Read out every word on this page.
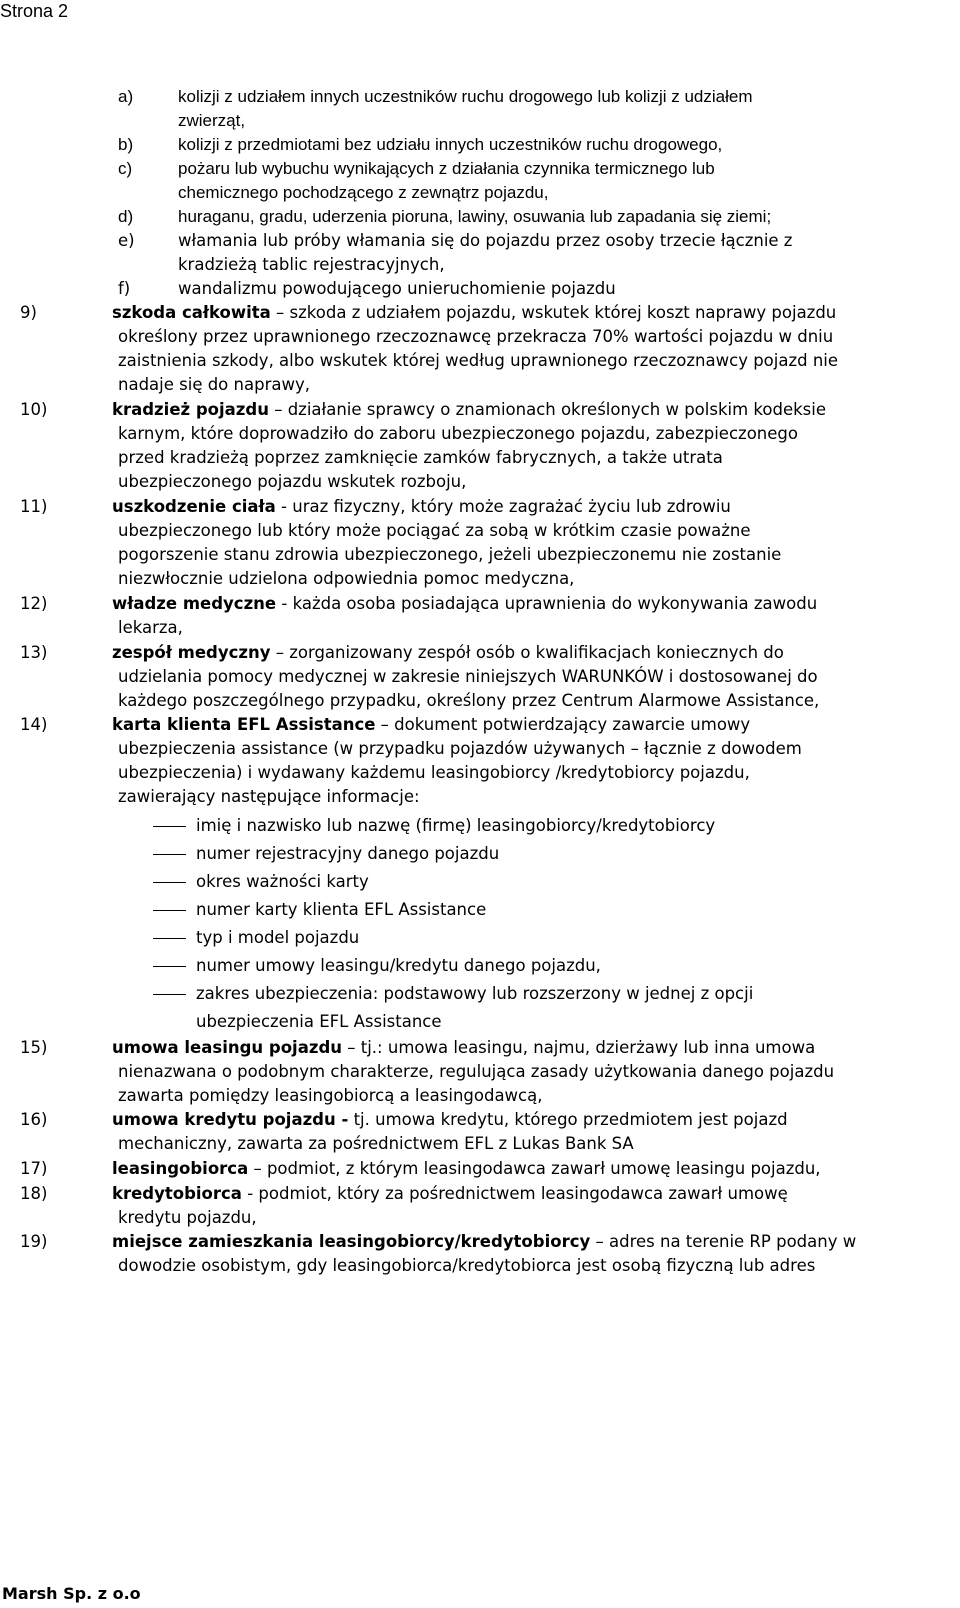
Strona 2
a)	kolizji z udziałem innych uczestników ruchu drogowego lub kolizji z udziałem
zwierząt,
b)	kolizji z przedmiotami bez udziału innych uczestników ruchu drogowego,
c)	pożaru lub wybuchu wynikających z działania czynnika termicznego lub
chemicznego pochodzącego z zewnątrz pojazdu,
d)	huraganu, gradu, uderzenia pioruna, lawiny, osuwania lub zapadania się ziemi;
e)	włamania lub próby włamania się do pojazdu przez osoby trzecie łącznie z
kradzieżą tablic rejestracyjnych,
f)	wandalizmu powodującego unieruchomienie pojazdu
9)	szkoda całkowita – szkoda z udziałem pojazdu, wskutek której koszt naprawy pojazdu
określony przez uprawnionego rzeczoznawcę przekracza 70% wartości pojazdu w dniu
zaistnienia szkody, albo wskutek której według uprawnionego rzeczoznawcy pojazd nie
nadaje się do naprawy,
10)	kradzież pojazdu – działanie sprawcy o znamionach określonych w polskim kodeksie
karnym, które doprowadziło do zaboru ubezpieczonego pojazdu, zabezpieczonego
przed kradzieżą poprzez zamknięcie zamków fabrycznych, a także utrata
ubezpieczonego pojazdu wskutek rozboju,
11)	uszkodzenie ciała - uraz fizyczny, który może zagrażać życiu lub zdrowiu
ubezpieczonego lub który może pociągać za sobą w krótkim czasie poważne
pogorszenie stanu zdrowia ubezpieczonego, jeżeli ubezpieczonemu nie zostanie
niezwłocznie udzielona odpowiednia pomoc medyczna,
12)	władze medyczne - każda osoba posiadająca uprawnienia do wykonywania zawodu
lekarza,
13)	zespół medyczny – zorganizowany zespół osób o kwalifikacjach koniecznych do
udzielania pomocy medycznej w zakresie niniejszych WARUNKÓW i dostosowanej do
każdego poszczególnego przypadku, określony przez Centrum Alarmowe Assistance,
14)	karta klienta EFL Assistance – dokument potwierdzający zawarcie umowy
ubezpieczenia assistance (w przypadku pojazdów używanych – łącznie z dowodem
ubezpieczenia) i wydawany każdemu leasingobiorcy /kredytobiorcy pojazdu,
zawierający następujące informacje:
imię i nazwisko lub nazwę (firmę) leasingobiorcy/kredytobiorcy
numer rejestracyjny danego pojazdu
okres ważności karty
numer karty klienta EFL Assistance
typ i model pojazdu
numer umowy leasingu/kredytu danego pojazdu,
zakres ubezpieczenia: podstawowy lub rozszerzony w jednej z opcji
ubezpieczenia EFL Assistance
15)	umowa leasingu pojazdu – tj.: umowa leasingu, najmu, dzierżawy lub inna umowa
nienazwana o podobnym charakterze, regulująca zasady użytkowania danego pojazdu
zawarta pomiędzy leasingobiorcą a leasingodawcą,
16)	umowa kredytu pojazdu - tj. umowa kredytu, którego przedmiotem jest pojazd
mechaniczny, zawarta za pośrednictwem EFL z Lukas Bank SA
17)	leasingobiorca – podmiot, z którym leasingodawca zawarł umowę leasingu pojazdu,
18)	kredytobiorca - podmiot, który za pośrednictwem leasingodawca zawarł umowę
kredytu pojazdu,
19)	miejsce zamieszkania leasingobiorcy/kredytobiorcy – adres na terenie RP podany w
dowodzie osobistym, gdy leasingobiorca/kredytobiorca jest osobą fizyczną lub adres
Marsh Sp. z o.o
